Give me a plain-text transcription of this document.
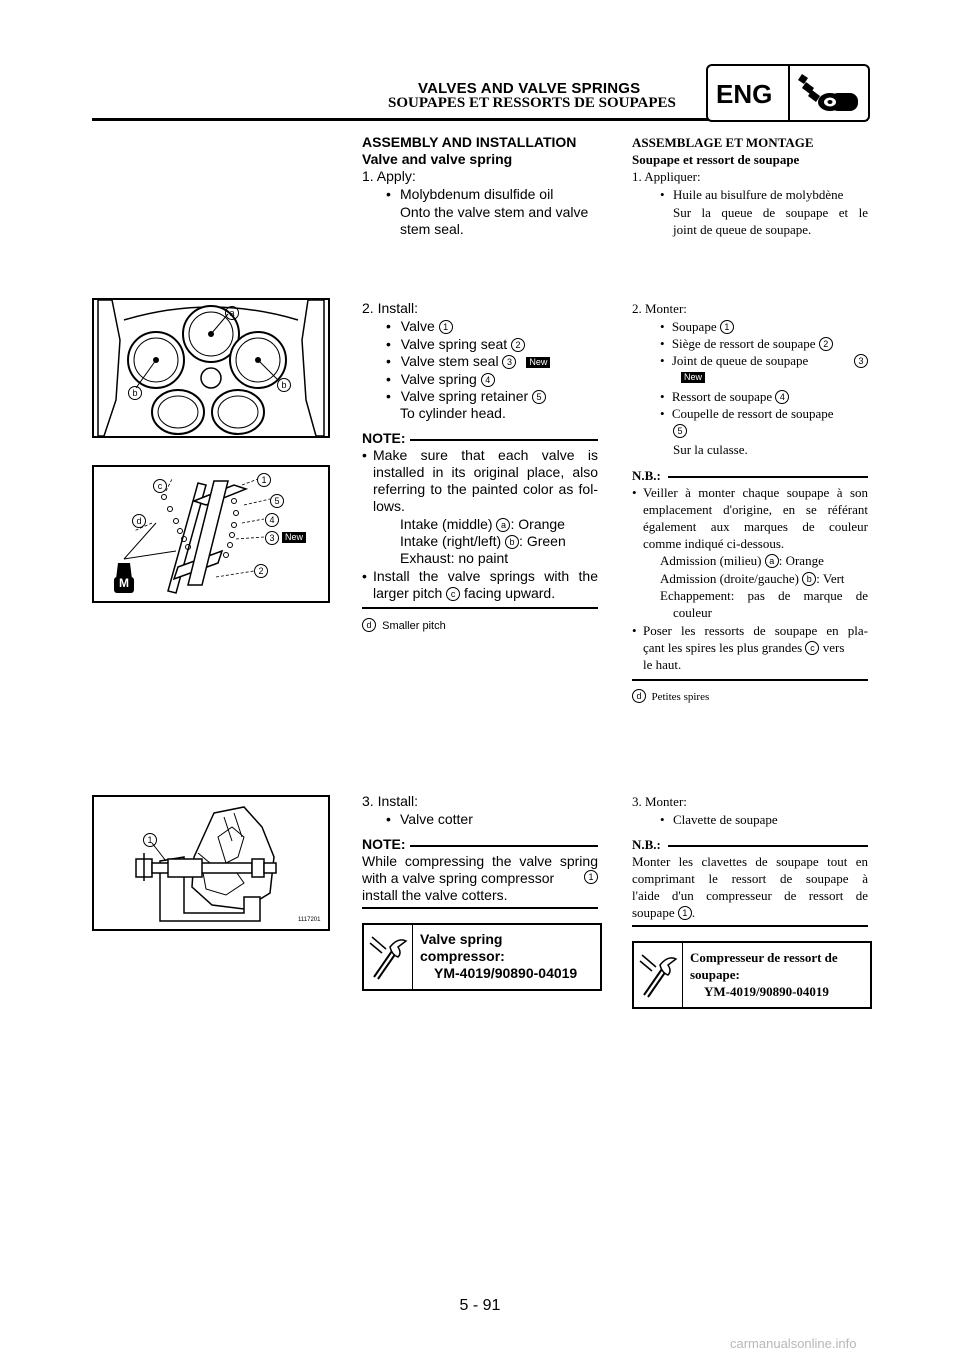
VALVES AND VALVE SPRINGS
SOUPAPES ET RESSORTS DE SOUPAPES ENG
ASSEMBLY AND INSTALLATION
Valve and valve spring
1. Apply:
• Molybdenum disulfide oil
Onto the valve stem and valve
stem seal.
ASSEMBLAGE ET MONTAGE
Soupape et ressort de soupape
1. Appliquer:
• Huile au bisulfure de molybdène
Sur la queue de soupape et le
joint de queue de soupape.
a
b
b
c
d
1
5
4
3	New
2
M
2. Install:
• Valve 1
• Valve spring seat 2
• Valve stem seal 3 New
• Valve spring 4
• Valve spring retainer 5
To cylinder head.
NOTE:
• Make sure that each valve is
installed in its original place, also
referring to the painted color as fol-
lows.
Intake (middle) a : Orange
Intake (right/left) b : Green
Exhaust: no paint
• Install the valve springs with the
larger pitch c facing upward.
d Smaller pitch
2. Monter:
• Soupape 1
• Siège de ressort de soupape 2
• Joint de queue de soupape	3
New
• Ressort de soupape 4
• Coupelle de ressort de soupape
5
Sur la culasse.
N.B.:
• Veiller à monter chaque soupape à son
emplacement d'origine, en se référant
également aux marques de couleur
comme indiqué ci-dessous.
Admission (milieu) a : Orange
Admission (droite/gauche) b : Vert
Echappement: pas de marque de
couleur
• Poser les ressorts de soupape en pla-
çant les spires les plus grandes c vers
le haut.
d Petites spires
1
1117201
3. Install:
• Valve cotter
NOTE:
While compressing the valve spring
with a valve spring compressor	1
install the valve cotters.
Valve spring
compressor:
YM-4019/90890-04019
3. Monter:
• Clavette de soupape
N.B.:
Monter les clavettes de soupape tout en
comprimant le ressort de soupape à
l'aide d'un compresseur de ressort de
soupape 1 .
Compresseur de ressort de
soupape:
YM-4019/90890-04019
5 - 91
carmanualsonline.info
